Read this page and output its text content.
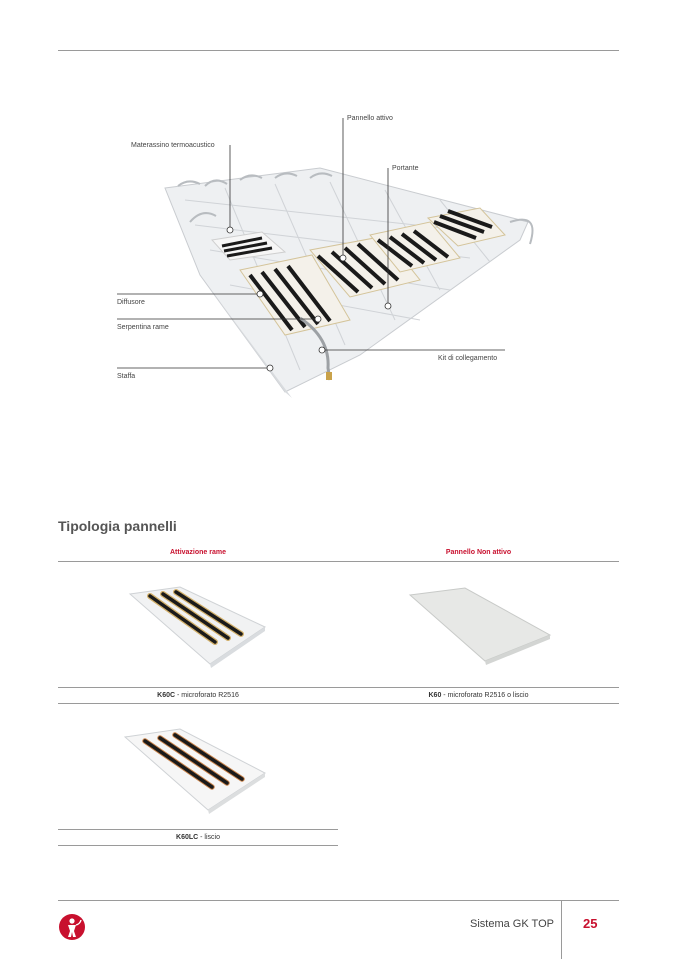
Materassino termoacustico
Pannello attivo
Portante
Diffusore
Serpentina rame
Staffa
Kit di collegamento
Tipologia pannelli
Attivazione rame	Pannello Non attivo
K60C - microforato R2516	K60 - microforato R2516 o liscio
K60LC - liscio
Sistema GK TOP 25
